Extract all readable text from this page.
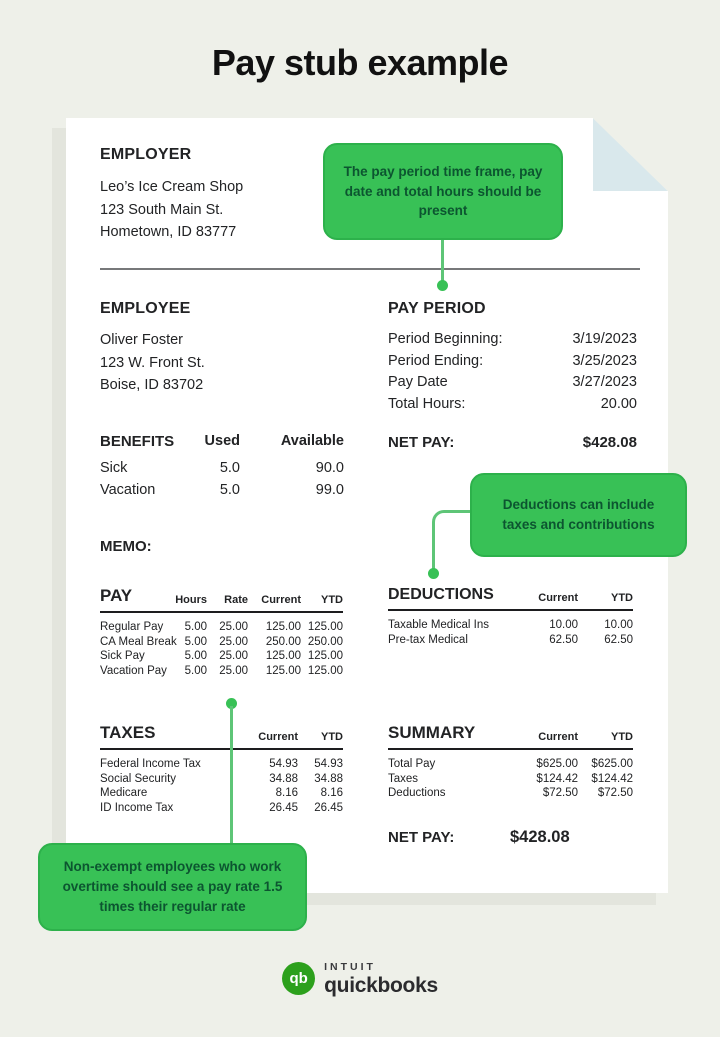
Pay stub example
EMPLOYER
Leo’s Ice Cream Shop
123 South Main St.
Hometown, ID 83777
EMPLOYEE
Oliver Foster
123 W. Front St.
Boise, ID 83702
PAY PERIOD
Period Beginning:	3/19/2023
Period Ending:	3/25/2023
Pay Date	3/27/2023
Total Hours:	20.00
BENEFITS	Used	Available
Sick	5.0	90.0
Vacation	5.0	99.0
NET PAY:	$428.08
MEMO:
PAY	Hours	Rate	Current	YTD
Regular Pay	5.00	25.00	125.00	125.00
CA Meal Break	5.00	25.00	250.00	250.00
Sick Pay	5.00	25.00	125.00	125.00
Vacation Pay	5.00	25.00	125.00	125.00
DEDUCTIONS	Current	YTD
Taxable Medical Ins	10.00	10.00
Pre-tax Medical	62.50	62.50
TAXES	Current	YTD
Federal Income Tax	54.93	54.93
Social Security	34.88	34.88
Medicare	8.16	8.16
ID Income Tax	26.45	26.45
SUMMARY	Current	YTD
Total Pay	$625.00	$625.00
Taxes	$124.42	$124.42
Deductions	$72.50	$72.50
NET PAY:	$428.08
The pay period time frame, pay date and total hours should be present
Deductions can include taxes and contributions
Non-exempt employees who work overtime should see a pay rate 1.5 times their regular rate
qb
INTUIT
quickbooks
